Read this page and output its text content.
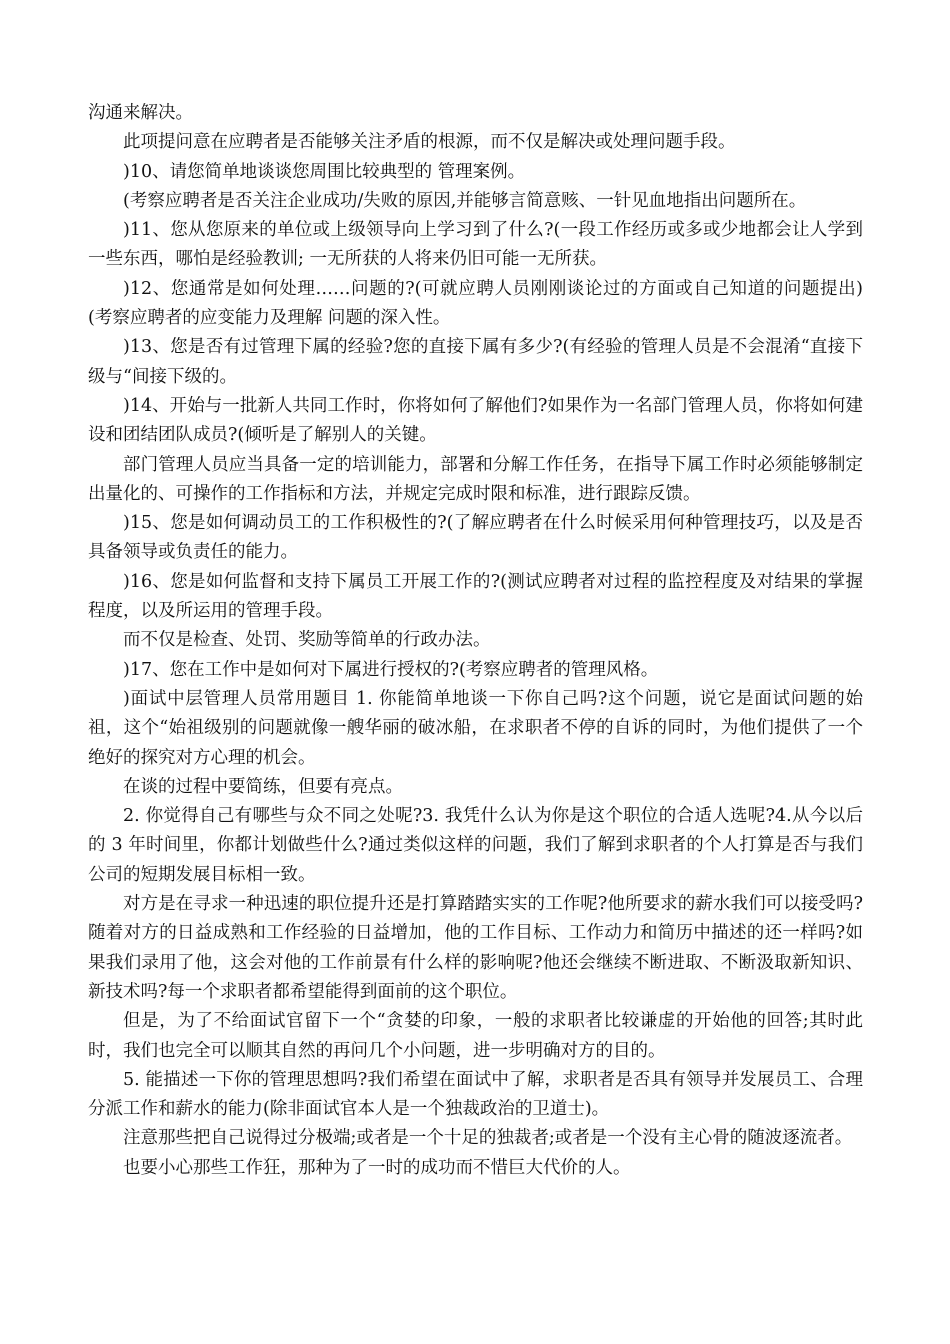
沟通来解决。

此项提问意在应聘者是否能够关注矛盾的根源，而不仅是解决或处理问题手段。

)10、请您简单地谈谈您周围比较典型的 管理案例。

(考察应聘者是否关注企业成功/失败的原因,并能够言简意赅、一针见血地指出问题所在。

)11、您从您原来的单位或上级领导向上学习到了什么?(一段工作经历或多或少地都会让人学到一些东西，哪怕是经验教训; 一无所获的人将来仍旧可能一无所获。

)12、您通常是如何处理……问题的?(可就应聘人员刚刚谈论过的方面或自己知道的问题提出)(考察应聘者的应变能力及理解 问题的深入性。

)13、您是否有过管理下属的经验?您的直接下属有多少?(有经验的管理人员是不会混淆“直接下级与“间接下级的。

)14、开始与一批新人共同工作时，你将如何了解他们?如果作为一名部门管理人员，你将如何建设和团结团队成员?(倾听是了解别人的关键。

部门管理人员应当具备一定的培训能力，部署和分解工作任务，在指导下属工作时必须能够制定出量化的、可操作的工作指标和方法，并规定完成时限和标准，进行跟踪反馈。

)15、您是如何调动员工的工作积极性的?(了解应聘者在什么时候采用何种管理技巧，以及是否具备领导或负责任的能力。

)16、您是如何监督和支持下属员工开展工作的?(测试应聘者对过程的监控程度及对结果的掌握程度，以及所运用的管理手段。

而不仅是检查、处罚、奖励等简单的行政办法。

)17、您在工作中是如何对下属进行授权的?(考察应聘者的管理风格。

)面试中层管理人员常用题目 1. 你能简单地谈一下你自己吗?这个问题，说它是面试问题的始祖，这个“始祖级别的问题就像一艘华丽的破冰船，在求职者不停的自诉的同时，为他们提供了一个绝好的探究对方心理的机会。

在谈的过程中要简练，但要有亮点。

2. 你觉得自己有哪些与众不同之处呢?3. 我凭什么认为你是这个职位的合适人选呢?4.从今以后的 3 年时间里，你都计划做些什么?通过类似这样的问题，我们了解到求职者的个人打算是否与我们公司的短期发展目标相一致。

对方是在寻求一种迅速的职位提升还是打算踏踏实实的工作呢?他所要求的薪水我们可以接受吗?随着对方的日益成熟和工作经验的日益增加，他的工作目标、工作动力和简历中描述的还一样吗?如果我们录用了他，这会对他的工作前景有什么样的影响呢?他还会继续不断进取、不断汲取新知识、新技术吗?每一个求职者都希望能得到面前的这个职位。

但是，为了不给面试官留下一个“贪婪的印象，一般的求职者比较谦虚的开始他的回答;其时此时，我们也完全可以顺其自然的再问几个小问题，进一步明确对方的目的。

5. 能描述一下你的管理思想吗?我们希望在面试中了解，求职者是否具有领导并发展员工、合理分派工作和薪水的能力(除非面试官本人是一个独裁政治的卫道士)。

注意那些把自己说得过分极端;或者是一个十足的独裁者;或者是一个没有主心骨的随波逐流者。

也要小心那些工作狂，那种为了一时的成功而不惜巨大代价的人。
